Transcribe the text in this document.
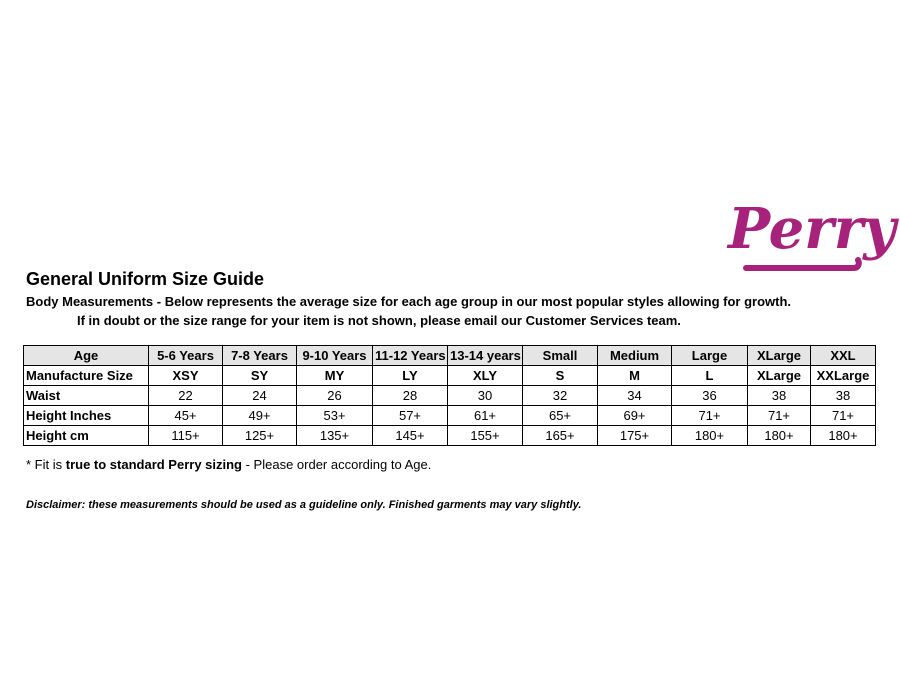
Perry
General Uniform Size Guide
Body Measurements - Below represents the average size for each age group in our most popular styles allowing for growth.
If in doubt or the size range for your item is not shown, please email our Customer Services team.
Age	5-6 Years	7-8 Years	9-10 Years	11-12 Years	13-14 years	Small	Medium	Large	XLarge	XXL
Manufacture Size	XSY	SY	MY	LY	XLY	S	M	L	XLarge	XXLarge
Waist	22	24	26	28	30	32	34	36	38	38
Height Inches	45+	49+	53+	57+	61+	65+	69+	71+	71+	71+
Height cm	115+	125+	135+	145+	155+	165+	175+	180+	180+	180+
* Fit is true to standard Perry sizing - Please order according to Age.
Disclaimer: these measurements should be used as a guideline only. Finished garments may vary slightly.
